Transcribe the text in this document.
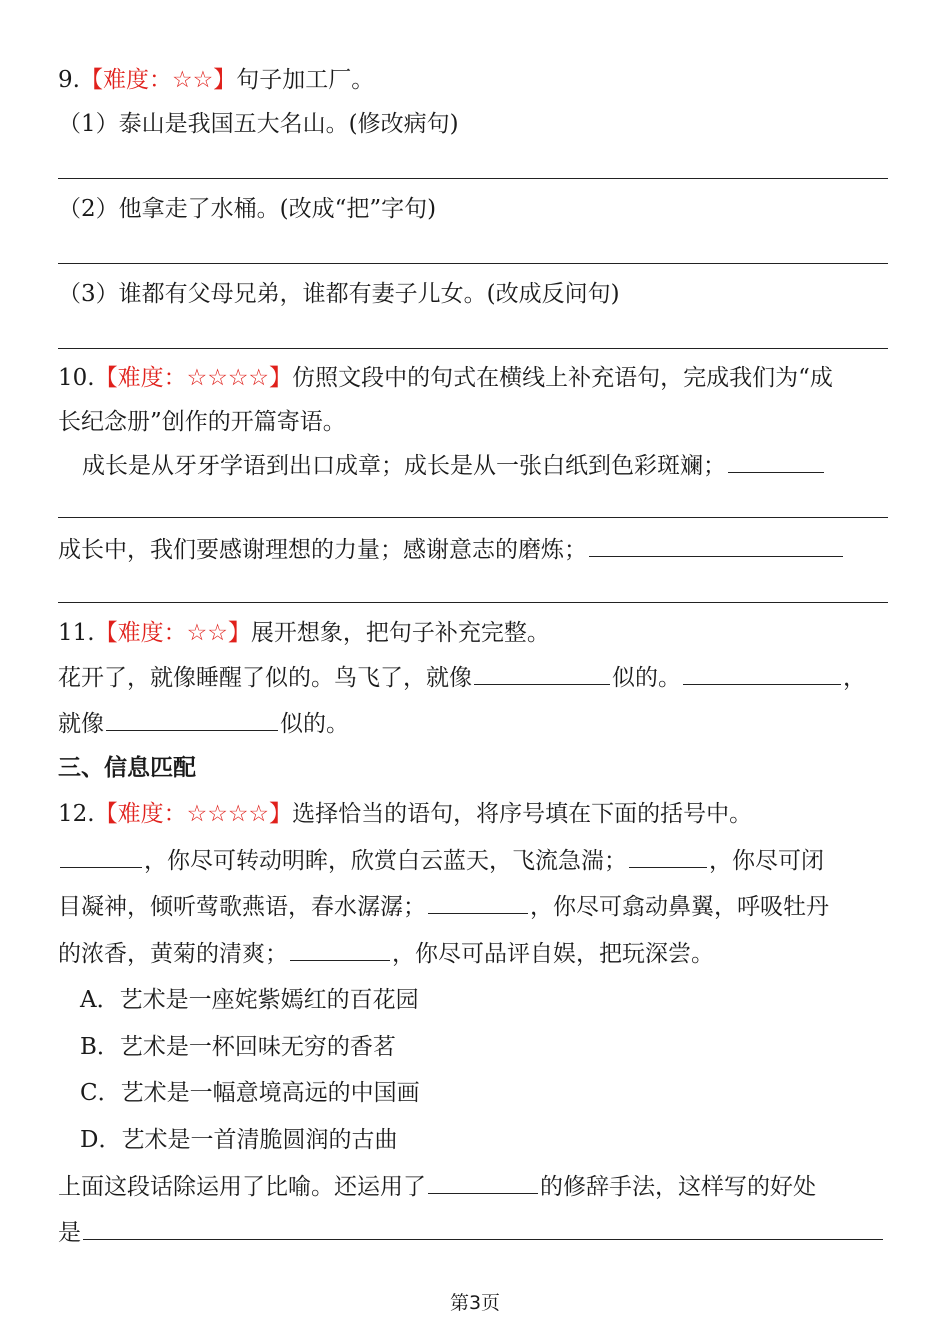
9.【难度：☆☆】句子加工厂。
（1）泰山是我国五大名山。(修改病句)
（2）他拿走了水桶。(改成“把”字句)
（3）谁都有父母兄弟，谁都有妻子儿女。(改成反问句)
10.【难度：☆☆☆☆】仿照文段中的句式在横线上补充语句，完成我们为“成
长纪念册”创作的开篇寄语。
成长是从牙牙学语到出口成章；成长是从一张白纸到色彩斑斓；
成长中，我们要感谢理想的力量；感谢意志的磨炼；
11.【难度：☆☆】展开想象，把句子补充完整。
花开了，就像睡醒了似的。鸟飞了，就像	似的。	，
就像	似的。
三、信息匹配
12.【难度：☆☆☆☆】选择恰当的语句，将序号填在下面的括号中。
，你尽可转动明眸，欣赏白云蓝天，飞流急湍；	，你尽可闭
目凝神，倾听莺歌燕语，春水潺潺；	，你尽可翕动鼻翼，呼吸牡丹
的浓香，黄菊的清爽；	，你尽可品评自娱，把玩深尝。
A．艺术是一座姹紫嫣红的百花园
B．艺术是一杯回味无穷的香茗
C．艺术是一幅意境高远的中国画
D．艺术是一首清脆圆润的古曲
上面这段话除运用了比喻。还运用了	的修辞手法，这样写的好处
是
第3页
